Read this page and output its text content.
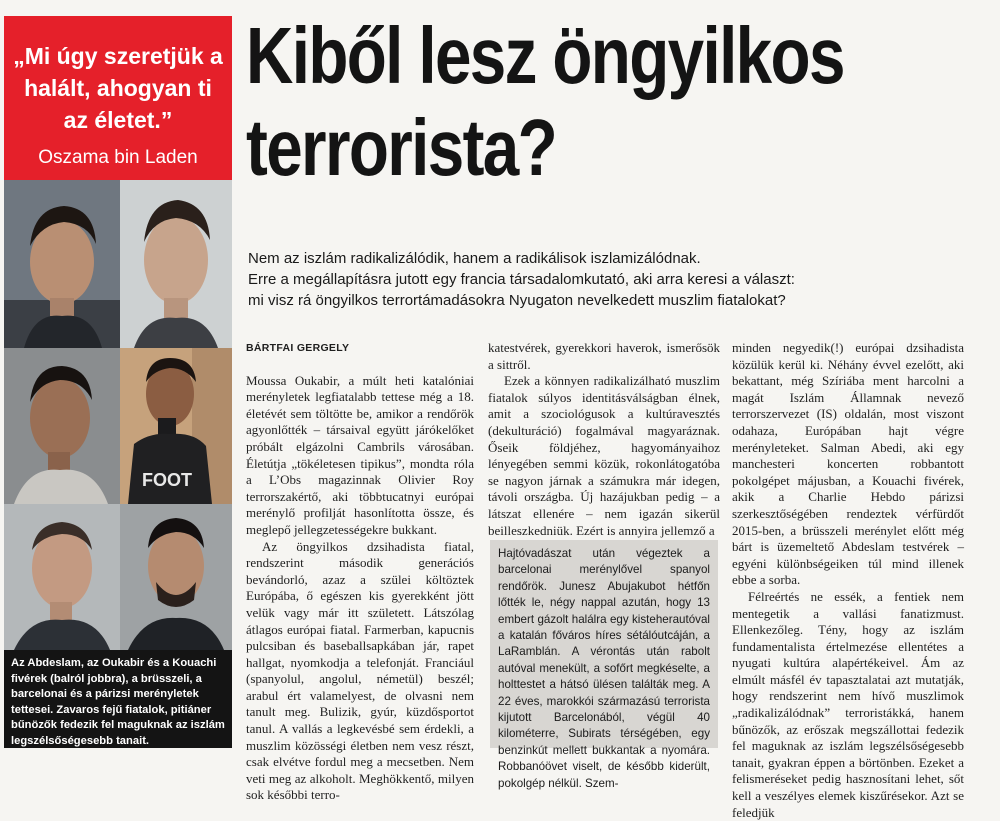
„Mi úgy szeretjük a halált, ahogyan ti az életet.”

Oszama bin Laden
FOOT
Az Abdeslam, az Oukabir és a Kouachi fivérek (balról jobbra), a brüsszeli, a barcelonai és a párizsi merényletek tettesei. Zavaros fejű fiatalok, pitiáner bűnözők fedezik fel maguknak az iszlám legszélsőségesebb tanait.
Kiből lesz öngyilkos
terrorista?
Nem az iszlám radikalizálódik, hanem a radikálisok iszlamizálódnak.
Erre a megállapításra jutott egy francia társadalomkutató, aki arra keresi a választ:
mi visz rá öngyilkos terrortámadásokra Nyugaton nevelkedett muszlim fiatalokat?

BÁRTFAI GERGELY

Moussa Oukabir, a múlt heti katalóniai merényletek legfiatalabb tettese még a 18. életévét sem töltötte be, amikor a rendőrök agyonlőtték – társaival együtt járókelőket próbált elgázolni Cambrils városában. Életútja „tökéletesen tipikus”, mondta róla a L’Obs magazinnak Olivier Roy terrorszakértő, aki többtucatnyi európai merénylő profilját hasonlította össze, és meglepő jellegzetességekre bukkant.

Az öngyilkos dzsihadista fiatal, rendszerint második generációs bevándorló, azaz a szülei költöztek Európába, ő egészen kis gyerekként jött velük vagy már itt született. Látszólag átlagos európai fiatal. Farmerban, kapucnis pulcsiban és baseballsapkában jár, rapet hallgat, nyomkodja a telefonját. Franciául (spanyolul, angolul, németül) beszél; arabul ért valamelyest, de olvasni nem tanult meg. Bulizik, gyúr, küzdősportot tanul. A vallás a legkevésbé sem érdekli, a muszlim közösségi életben nem vesz részt, csak elvétve fordul meg a mecsetben. Nem veti meg az alkoholt. Meghökkentő, milyen sok későbbi terro-

katestvérek, gyerekkori haverok, ismerősök a sittről.

Ezek a könnyen radikalizálható muszlim fiatalok súlyos identitásválságban élnek, amit a szociológusok a kultúravesztés (dekulturáció) fogalmával magyaráznak. Őseik földjéhez, hagyományaihoz lényegében semmi közük, rokonlátogatóba se nagyon járnak a számukra már idegen, távoli országba. Új hazájukban pedig – a látszat ellenére – nem igazán sikerül beilleszkedniük. Ezért is annyira jellemző a

Hajtóvadászat után végeztek a barcelonai merénylővel spanyol rendőrök. Junesz Abujakubot hétfőn lőtték le, négy nappal azután, hogy 13 embert gázolt halálra egy kisteherautóval a katalán főváros híres sétálóutcáján, a LaRamblán. A vérontás után rabolt autóval menekült, a sofőrt megkéselte, a holttestet a hátsó ülésen találták meg. A 22 éves, marokkói származású terrorista kijutott Barcelonából, végül 40 kilométerre, Subirats térségében, egy benzinkút mellett bukkantak a nyomára. Robbanóövet viselt, de később kiderült, pokolgép nélkül. Szem-

minden negyedik(!) európai dzsihadista közülük kerül ki. Néhány évvel ezelőtt, aki bekattant, még Szíriába ment harcolni a magát Iszlám Államnak nevező terrorszervezet (IS) oldalán, most viszont odahaza, Európában hajt végre merényleteket. Salman Abedi, aki egy manchesteri koncerten robbantott pokolgépet májusban, a Kouachi fivérek, akik a Charlie Hebdo párizsi szerkesztőségében rendeztek vérfürdőt 2015-ben, a brüsszeli merénylet előtt még bárt is üzemeltető Abdeslam testvérek – egyéni különbségeiken túl mind illenek ebbe a sorba.

Félreértés ne essék, a fentiek nem mentegetik a vallási fanatizmust. Ellenkezőleg. Tény, hogy az iszlám fundamentalista értelmezése ellentétes a nyugati kultúra alapértékeivel. Ám az elmúlt másfél év tapasztalatai azt mutatják, hogy rendszerint nem hívő muszlimok „radikalizálódnak” terroristákká, hanem bűnözők, az erőszak megszállottai fedezik fel maguknak az iszlám legszélsőségesebb tanait, gyakran éppen a börtönben. Ezeket a felismeréseket pedig hasznosítani lehet, sőt kell a veszélyes elemek kiszűrésekor. Azt se feledjük
